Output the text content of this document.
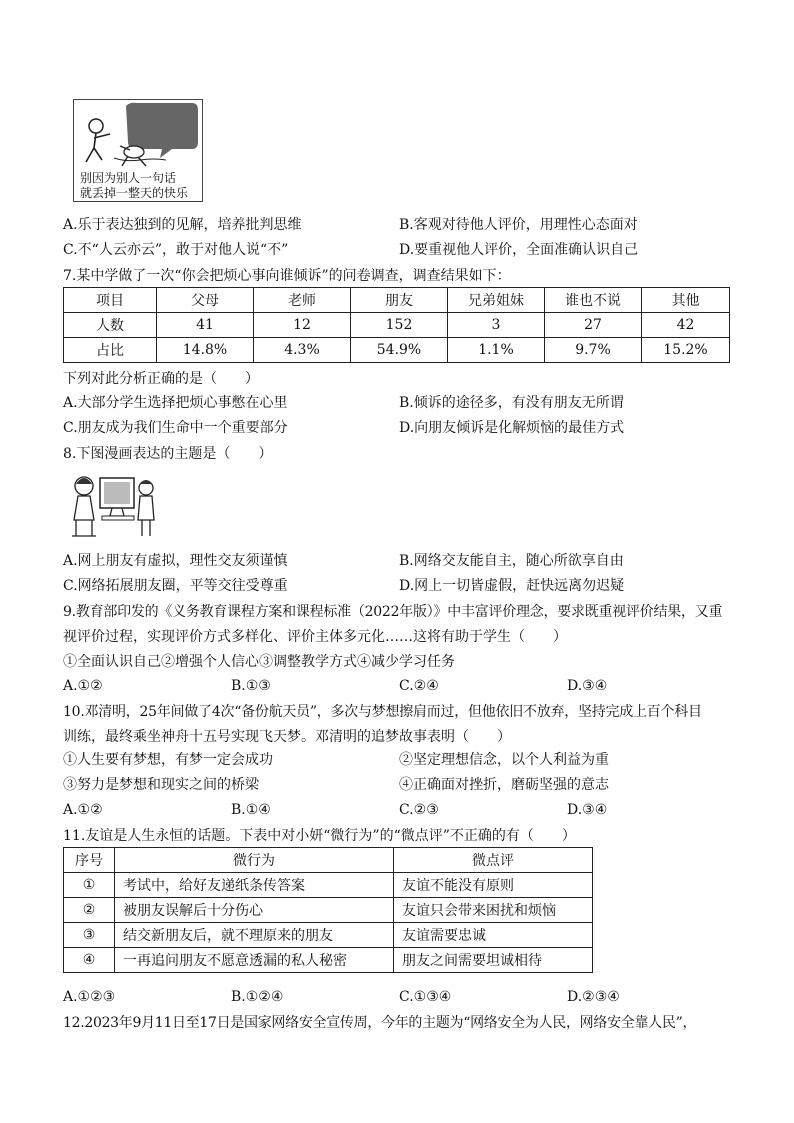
别因为别人一句话
就丢掉一整天的快乐
A.乐于表达独到的见解，培养批判思维	B.客观对待他人评价，用理性心态面对
C.不“人云亦云”，敢于对他人说“不”	D.要重视他人评价，全面准确认识自己
7.某中学做了一次“你会把烦心事向谁倾诉”的问卷调查，调查结果如下：
项目	父母	老师	朋友	兄弟姐妹	谁也不说	其他
人数	41	12	152	3	27	42
占比	14.8%	4.3%	54.9%	1.1%	9.7%	15.2%
下列对此分析正确的是（　　）
A.大部分学生选择把烦心事憋在心里	B.倾诉的途径多，有没有朋友无所谓
C.朋友成为我们生命中一个重要部分	D.向朋友倾诉是化解烦恼的最佳方式
8.下图漫画表达的主题是（　　）
A.网上朋友有虚拟，理性交友须谨慎	B.网络交友能自主，随心所欲享自由
C.网络拓展朋友圈，平等交往受尊重	D.网上一切皆虚假，赶快远离勿迟疑
9.教育部印发的《义务教育课程方案和课程标准（2022年版）》中丰富评价理念，要求既重视评价结果，又重
视评价过程，实现评价方式多样化、评价主体多元化……这将有助于学生（　　）
①全面认识自己②增强个人信心③调整教学方式④减少学习任务
A.①②	B.①③	C.②④	D.③④
10.邓清明，25年间做了4次“备份航天员”，多次与梦想擦肩而过，但他依旧不放弃，坚持完成上百个科目
训练，最终乘坐神舟十五号实现飞天梦。邓清明的追梦故事表明（　　）
①人生要有梦想，有梦一定会成功	②坚定理想信念，以个人利益为重
③努力是梦想和现实之间的桥梁	④正确面对挫折，磨砺坚强的意志
A.①②	B.①④	C.②③	D.③④
11.友谊是人生永恒的话题。下表中对小妍“微行为”的“微点评”不正确的有（　　）
序号	微行为	微点评
①	考试中，给好友递纸条传答案	友谊不能没有原则
②	被朋友误解后十分伤心	友谊只会带来困扰和烦恼
③	结交新朋友后，就不理原来的朋友	友谊需要忠诚
④	一再追问朋友不愿意透漏的私人秘密	朋友之间需要坦诚相待
A.①②③	B.①②④	C.①③④	D.②③④
12.2023年9月11日至17日是国家网络安全宣传周，今年的主题为“网络安全为人民，网络安全靠人民”，
